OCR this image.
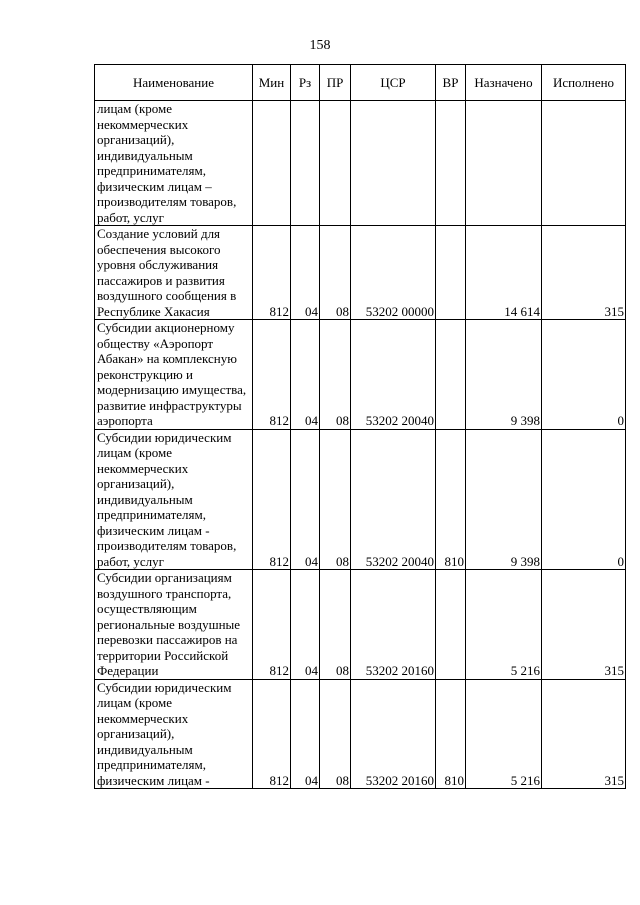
158
Наименование	Мин	Рз	ПР	ЦСР	ВР	Назначено	Исполнено
лицам (кроме некоммерческих организаций), индивидуальным предпринимателям, физическим лицам – производителям товаров, работ, услуг							
Создание условий для обеспечения высокого уровня обслуживания пассажиров и развития воздушного сообщения в Республике Хакасия	812	04	08	53202 00000		14 614	315
Субсидии акционерному обществу «Аэропорт Абакан» на комплексную реконструкцию и модернизацию имущества, развитие инфраструктуры аэропорта	812	04	08	53202 20040		9 398	0
Субсидии юридическим лицам (кроме некоммерческих организаций), индивидуальным предпринимателям, физическим лицам - производителям товаров, работ, услуг	812	04	08	53202 20040	810	9 398	0
Субсидии организациям воздушного транспорта, осуществляющим региональные воздушные перевозки пассажиров на территории Российской Федерации	812	04	08	53202 20160		5 216	315
Субсидии юридическим лицам (кроме некоммерческих организаций), индивидуальным предпринимателям, физическим лицам -	812	04	08	53202 20160	810	5 216	315
